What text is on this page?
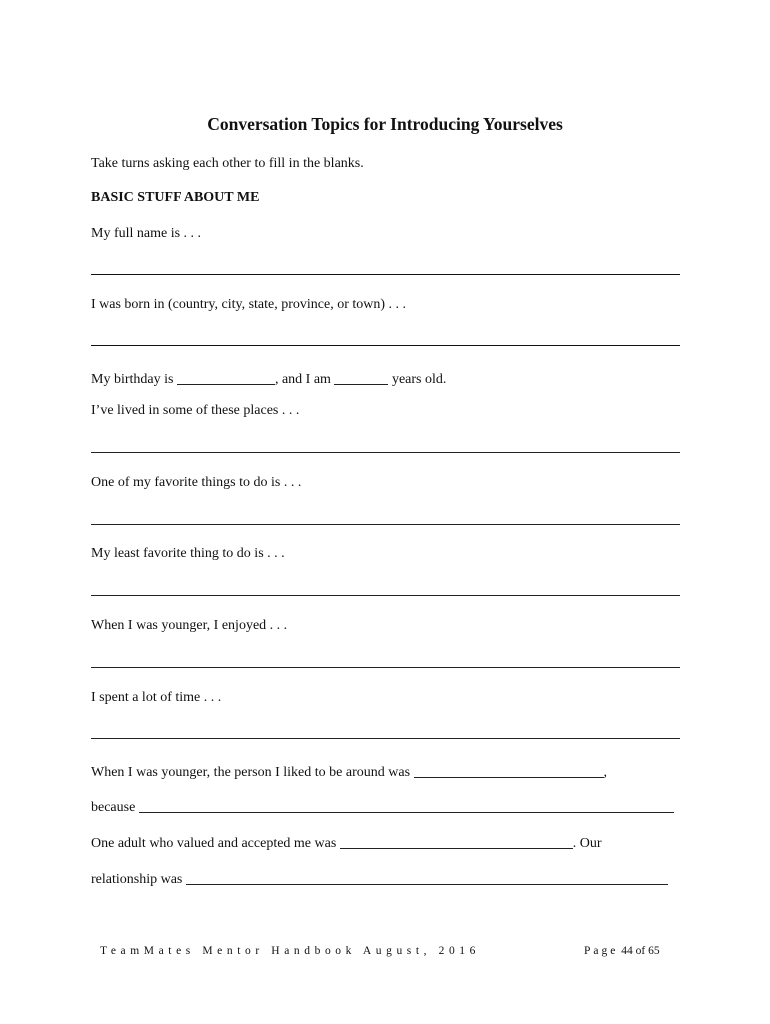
Conversation Topics for Introducing Yourselves
Take turns asking each other to fill in the blanks.
BASIC STUFF ABOUT ME
My full name is . . .
I was born in (country, city, state, province, or town) . . .
My birthday is	, and I am	years old.
I’ve lived in some of these places . . .
One of my favorite things to do is . . .
My least favorite thing to do is . . .
When I was younger, I enjoyed . . .
I spent a lot of time . . .
When I was younger, the person I liked to be around was	,
because
One adult who valued and accepted me was	. Our
relationship was
TeamMates Mentor Handbook August, 2016	Page 44 of 65
